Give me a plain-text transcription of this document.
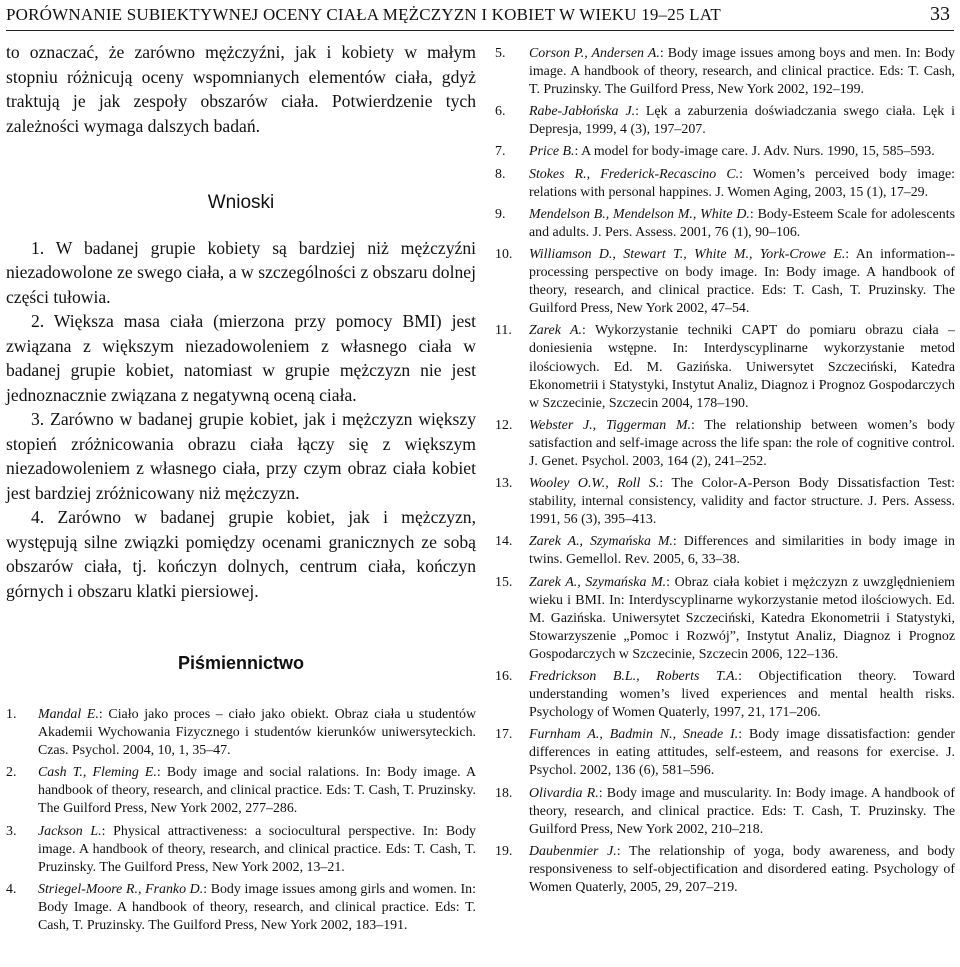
PORÓWNANIE SUBIEKTYWNEJ OCENY CIAŁA MĘŻCZYZN I KOBIET W WIEKU 19–25 LAT	33

to oznaczać, że zarówno mężczyźni, jak i kobiety w małym stopniu różnicują oceny wspomnianych elementów ciała, gdyż traktują je jak zespoły obszarów ciała. Potwierdzenie tych zależności wymaga dalszych badań.

Wnioski

1. W badanej grupie kobiety są bardziej niż mężczyźni niezadowolone ze swego ciała, a w szczególności z obszaru dolnej części tułowia.

2. Większa masa ciała (mierzona przy pomocy BMI) jest związana z większym niezadowoleniem z własnego ciała w badanej grupie kobiet, natomiast w grupie mężczyzn nie jest jednoznacznie związana z negatywną oceną ciała.

3. Zarówno w badanej grupie kobiet, jak i mężczyzn większy stopień zróżnicowania obrazu ciała łączy się z większym niezadowoleniem z własnego ciała, przy czym obraz ciała kobiet jest bardziej zróżnicowany niż mężczyzn.

4. Zarówno w badanej grupie kobiet, jak i mężczyzn, występują silne związki pomiędzy ocenami granicznych ze sobą obszarów ciała, tj. kończyn dolnych, centrum ciała, kończyn górnych i obszaru klatki piersiowej.

Piśmiennictwo
1.	Mandal E.: Ciało jako proces – ciało jako obiekt. Obraz ciała u studentów Akademii Wychowania Fizycznego i studentów kierunków uniwersyteckich. Czas. Psychol. 2004, 10, 1, 35–47.
2.	Cash T., Fleming E.: Body image and social ralations. In: Body image. A handbook of theory, research, and clinical practice. Eds: T. Cash, T. Pruzinsky. The Guilford Press, New York 2002, 277–286.
3.	Jackson L.: Physical attractiveness: a sociocultural perspective. In: Body image. A handbook of theory, research, and clinical practice. Eds: T. Cash, T. Pruzinsky. The Guilford Press, New York 2002, 13–21.
4.	Striegel-Moore R., Franko D.: Body image issues among girls and women. In: Body Image. A handbook of theory, research, and clinical practice. Eds: T. Cash, T. Pruzinsky. The Guilford Press, New York 2002, 183–191.
5.	Corson P., Andersen A.: Body image issues among boys and men. In: Body image. A handbook of theory, research, and clinical practice. Eds: T. Cash, T. Pruzinsky. The Guilford Press, New York 2002, 192–199.
6.	Rabe-Jabłońska J.: Lęk a zaburzenia doświadczania swego ciała. Lęk i Depresja, 1999, 4 (3), 197–207.
7.	Price B.: A model for body-image care. J. Adv. Nurs. 1990, 15, 585–593.
8.	Stokes R., Frederick-Recascino C.: Women’s perceived body image: relations with personal happines. J. Women Aging, 2003, 15 (1), 17–29.
9.	Mendelson B., Mendelson M., White D.: Body-Esteem Scale for adolescents and adults. J. Pers. Assess. 2001, 76 (1), 90–106.
10.	Williamson D., Stewart T., White M., York-Crowe E.: An information--processing perspective on body image. In: Body image. A handbook of theory, research, and clinical practice. Eds: T. Cash, T. Pruzinsky. The Guilford Press, New York 2002, 47–54.
11.	Zarek A.: Wykorzystanie techniki CAPT do pomiaru obrazu ciała – doniesienia wstępne. In: Interdyscyplinarne wykorzystanie metod ilościowych. Ed. M. Gazińska. Uniwersytet Szczeciński, Katedra Ekonometrii i Statystyki, Instytut Analiz, Diagnoz i Prognoz Gospodarczych w Szczecinie, Szczecin 2004, 178–190.
12.	Webster J., Tiggerman M.: The relationship between women’s body satisfaction and self-image across the life span: the role of cognitive control. J. Genet. Psychol. 2003, 164 (2), 241–252.
13.	Wooley O.W., Roll S.: The Color-A-Person Body Dissatisfaction Test: stability, internal consistency, validity and factor structure. J. Pers. Assess. 1991, 56 (3), 395–413.
14.	Zarek A., Szymańska M.: Differences and similarities in body image in twins. Gemellol. Rev. 2005, 6, 33–38.
15.	Zarek A., Szymańska M.: Obraz ciała kobiet i mężczyzn z uwzględnieniem wieku i BMI. In: Interdyscyplinarne wykorzystanie metod ilościowych. Ed. M. Gazińska. Uniwersytet Szczeciński, Katedra Ekonometrii i Statystyki, Stowarzyszenie „Pomoc i Rozwój”, Instytut Analiz, Diagnoz i Prognoz Gospodarczych w Szczecinie, Szczecin 2006, 122–136.
16.	Fredrickson B.L., Roberts T.A.: Objectification theory. Toward understanding women’s lived experiences and mental health risks. Psychology of Women Quaterly, 1997, 21, 171–206.
17.	Furnham A., Badmin N., Sneade I.: Body image dissatisfaction: gender differences in eating attitudes, self-esteem, and reasons for exercise. J. Psychol. 2002, 136 (6), 581–596.
18.	Olivardia R.: Body image and muscularity. In: Body image. A handbook of theory, research, and clinical practice. Eds: T. Cash, T. Pruzinsky. The Guilford Press, New York 2002, 210–218.
19.	Daubenmier J.: The relationship of yoga, body awareness, and body responsiveness to self-objectification and disordered eating. Psychology of Women Quaterly, 2005, 29, 207–219.
